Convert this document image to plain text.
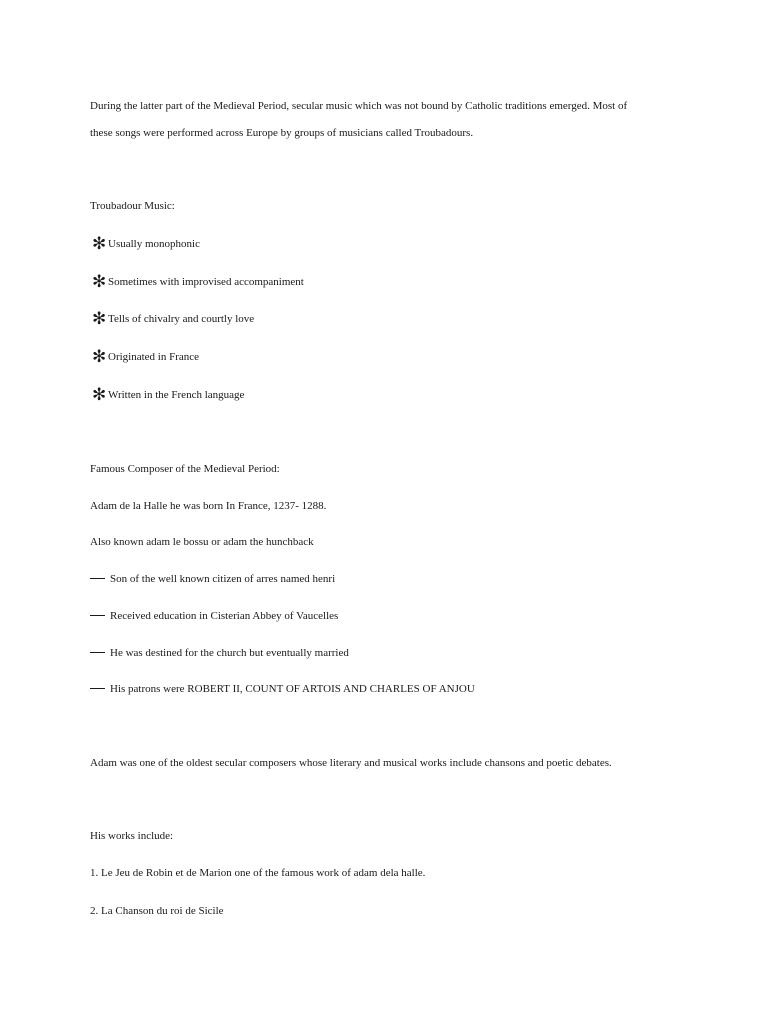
During the latter part of the Medieval Period, secular music which was not bound by Catholic traditions emerged. Most of
these songs were performed across Europe by groups of musicians called Troubadours.
Troubadour Music:
✻ Usually monophonic
✻ Sometimes with improvised accompaniment
✻ Tells of chivalry and courtly love
✻ Originated in France
✻ Written in the French language
Famous Composer of the Medieval Period:
Adam de la Halle he was born In France, 1237- 1288.
Also known adam le bossu or adam the hunchback
Son of the well known citizen of arres named henri
Received education in Cisterian Abbey of Vaucelles
He was destined for the church but eventually married
His patrons were ROBERT II, COUNT OF ARTOIS AND CHARLES OF ANJOU
Adam was one of the oldest secular composers whose literary and musical works include chansons and poetic debates.
His works include:
1. Le Jeu de Robin et de Marion one of the famous work of adam dela halle.
2. La Chanson du roi de Sicile
